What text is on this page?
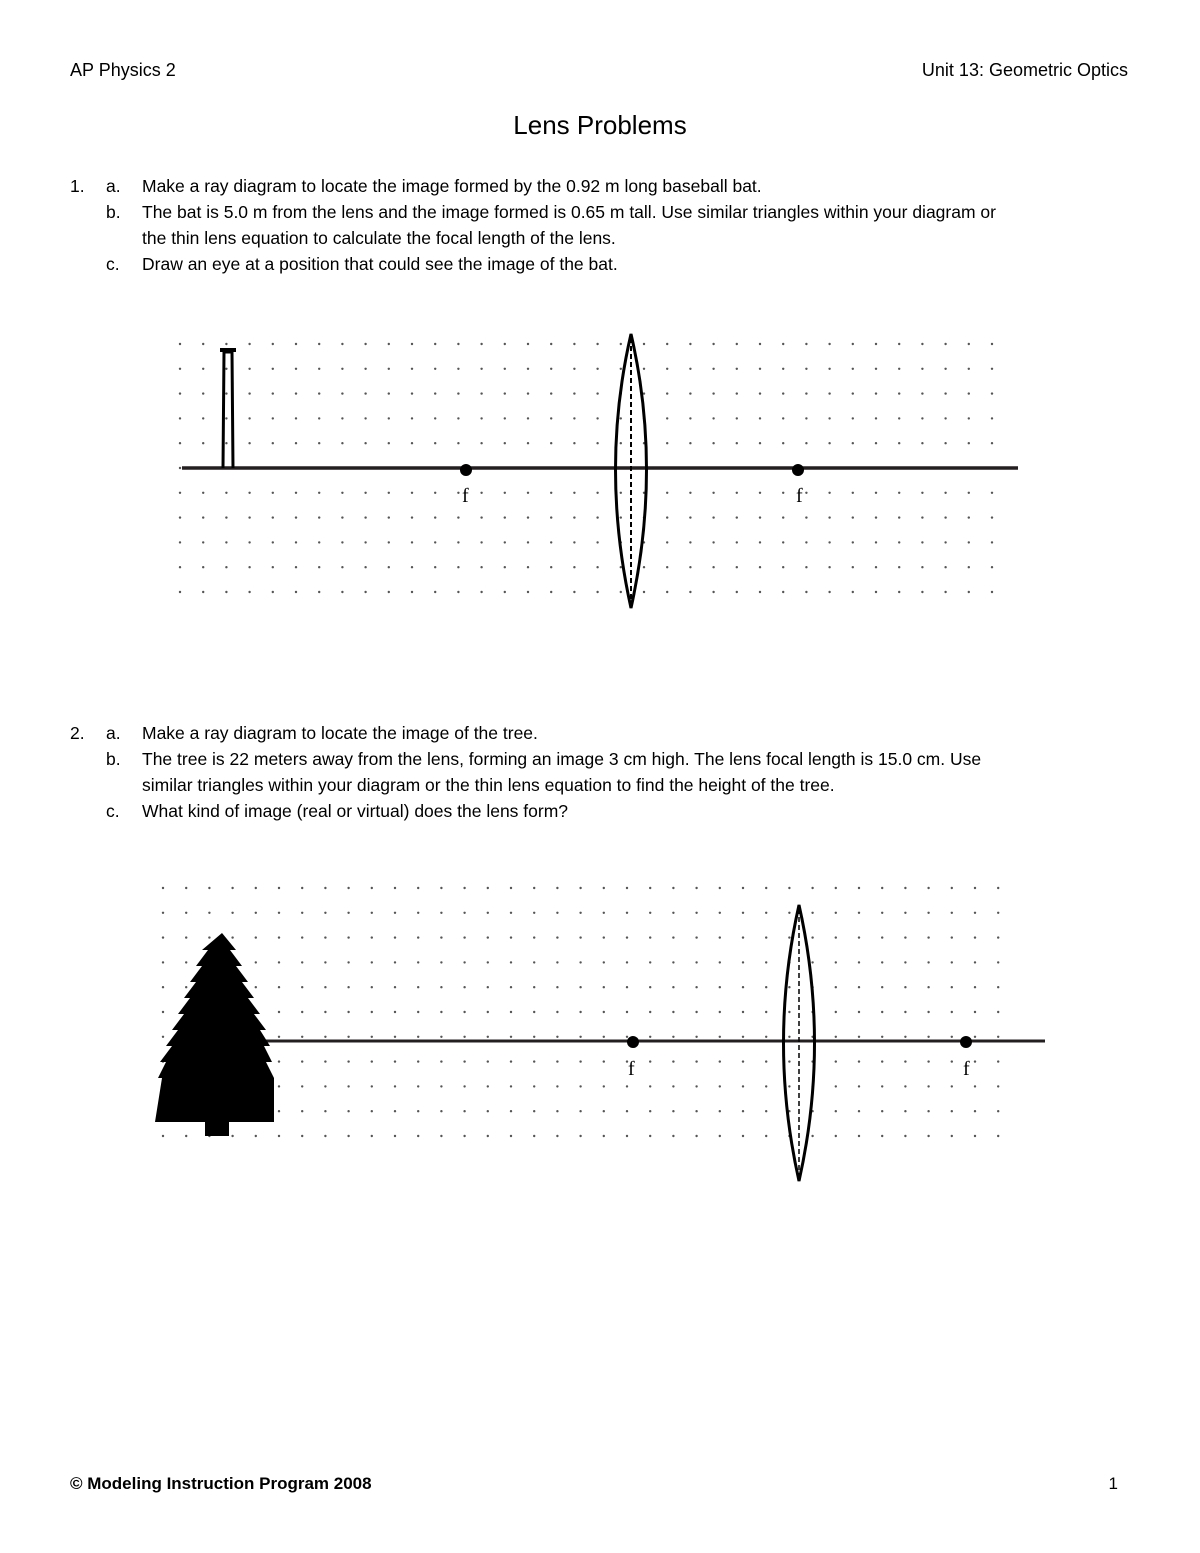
AP Physics 2	Unit 13: Geometric Optics
Lens Problems
1.	a.	Make a ray diagram to locate the image formed by the 0.92 m long baseball bat.
b.	The bat is 5.0 m from the lens and the image formed is 0.65 m tall. Use similar triangles within your diagram or
the thin lens equation to calculate the focal length of the lens.
c.	Draw an eye at a position that could see the image of the bat.
f	f
2.	a.	Make a ray diagram to locate the image of the tree.
b.	The tree is 22 meters away from the lens, forming an image 3 cm high. The lens focal length is 15.0 cm. Use
similar triangles within your diagram or the thin lens equation to find the height of the tree.
c.	What kind of image (real or virtual) does the lens form?
f	f
© Modeling Instruction Program 2008	1
